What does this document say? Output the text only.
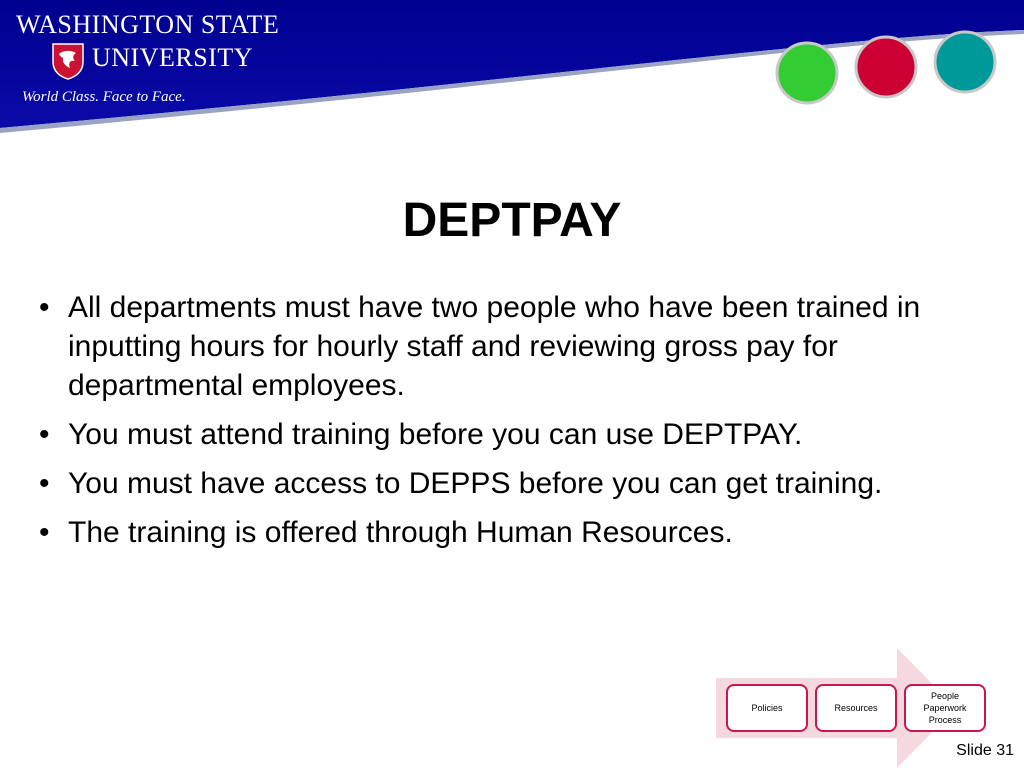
WASHINGTON STATE
UNIVERSITY
World Class. Face to Face.
DEPTPAY
• All departments must have two people who have been trained in inputting hours for hourly staff and reviewing gross pay for departmental employees.
• You must attend training before you can use DEPTPAY.
• You must have access to DEPPS before you can get training.
• The training is offered through Human Resources.
Policies	Resources
People
Paperwork
Process
Slide 31
